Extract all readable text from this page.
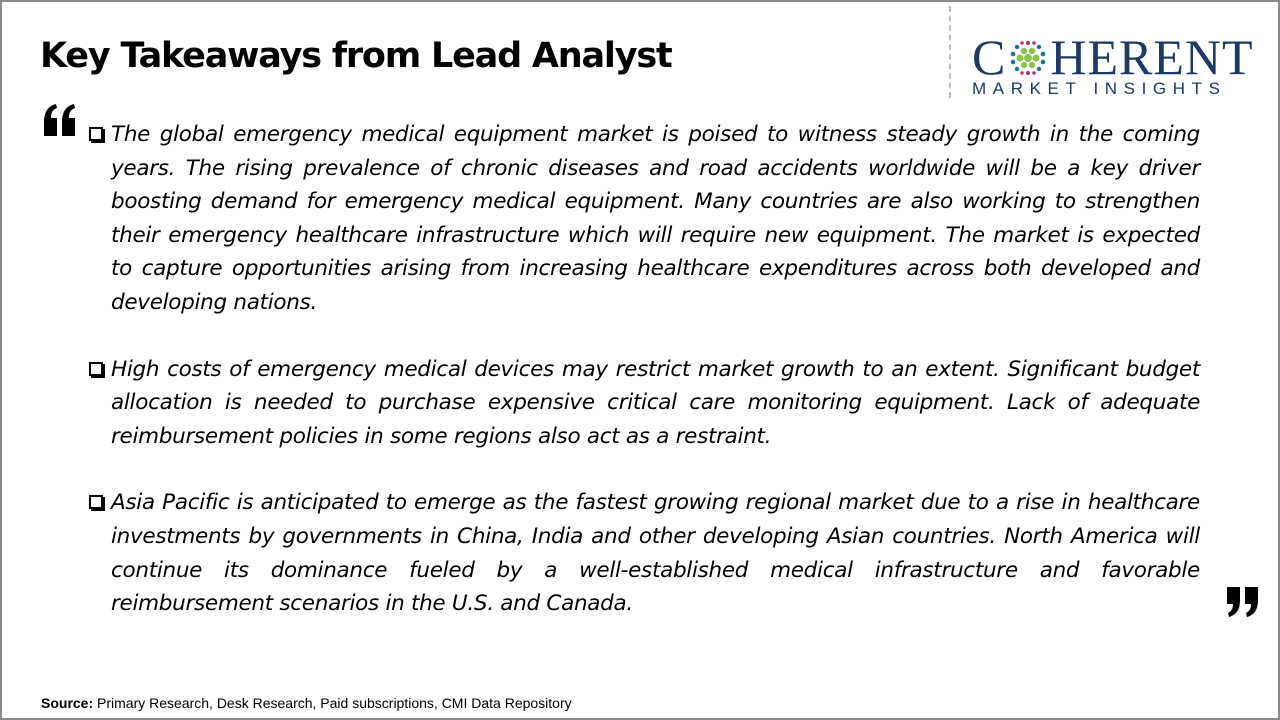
Key Takeaways from Lead Analyst	C HERENT
MARKET INSIGHTS
The global emergency medical equipment market is poised to witness steady growth in the coming years. The rising prevalence of chronic diseases and road accidents worldwide will be a key driver boosting demand for emergency medical equipment. Many countries are also working to strengthen their emergency healthcare infrastructure which will require new equipment. The market is expected to capture opportunities arising from increasing healthcare expenditures across both developed and developing nations.
High costs of emergency medical devices may restrict market growth to an extent. Significant budget allocation is needed to purchase expensive critical care monitoring equipment. Lack of adequate reimbursement policies in some regions also act as a restraint.
Asia Pacific is anticipated to emerge as the fastest growing regional market due to a rise in healthcare investments by governments in China, India and other developing Asian countries. North America will continue its dominance fueled by a well-established medical infrastructure and favorable reimbursement scenarios in the U.S. and Canada.
Source: Primary Research, Desk Research, Paid subscriptions, CMI Data Repository
